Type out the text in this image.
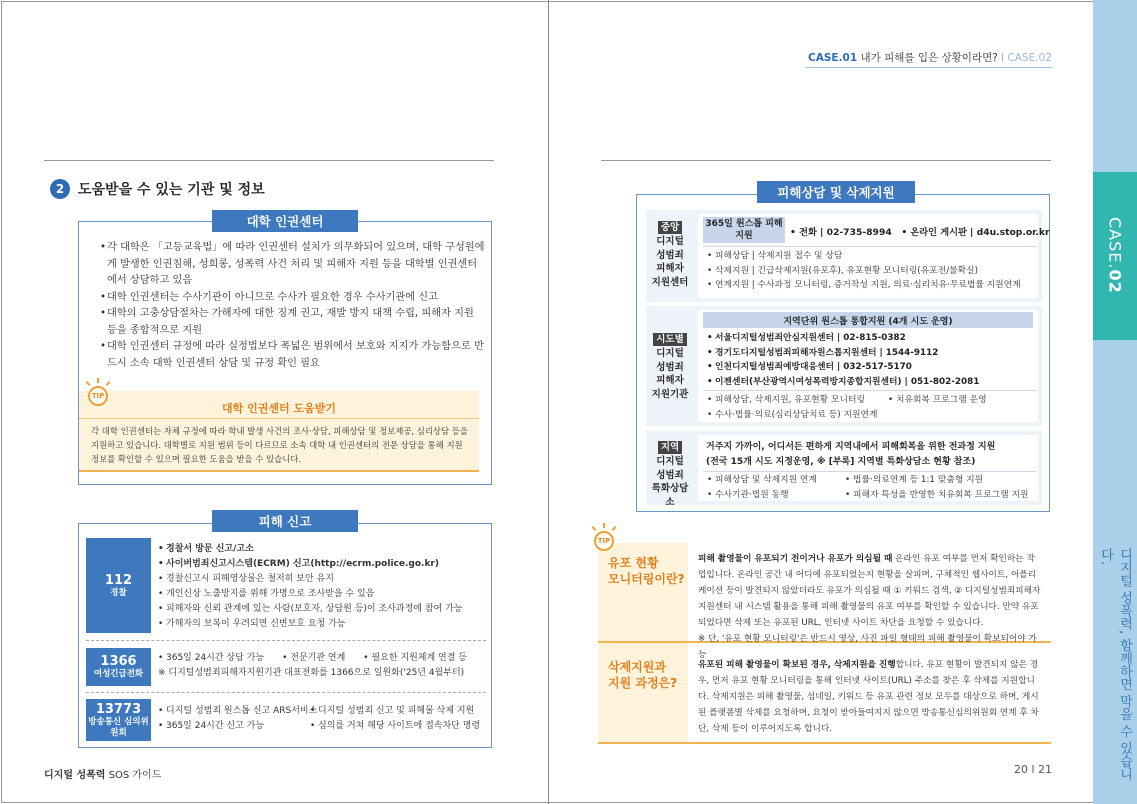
2 도움받을 수 있는 기관 및 정보
대학 인권센터
• 각 대학은 「고등교육법」에 따라 인권센터 설치가 의무화되어 있으며, 대학 구성원에게 발생한 인권침해, 성희롱, 성폭력 사건 처리 및 피해자 지원 등을 대학별 인권센터에서 상담하고 있음
• 대학 인권센터는 수사기관이 아니므로 수사가 필요한 경우 수사기관에 신고
• 대학의 고충상담절차는 가해자에 대한 징계 권고, 재발 방지 대책 수립, 피해자 지원 등을 종합적으로 지원
• 대학 인권센터 규정에 따라 실정법보다 폭넓은 범위에서 보호와 지지가 가능함으로 반드시 소속 대학 인권센터 상담 및 규정 확인 필요
대학 인권센터 도움받기
각 대학 인권센터는 자체 규정에 따라 학내 발생 사건의 조사·상담, 피해상담 및 정보제공, 심리상담 등을 지원하고 있습니다. 대학별로 지원 범위 등이 다르므로 소속 대학 내 인권센터의 전문 상담을 통해 지원 정보를 확인할 수 있으며 필요한 도움을 받을 수 있습니다.
TIP
피해 신고
112
경찰
• 경찰서 방문 신고/고소
• 사이버범죄신고시스템(ECRM) 신고(http://ecrm.police.go.kr)
• 경찰신고시 피해영상물은 철저히 보안 유지
• 개인신상 노출방지를 위해 가명으로 조사받을 수 있음
• 피해자와 신뢰 관계에 있는 사람(보호자, 상담원 등)이 조사과정에 참여 가능
• 가해자의 보복이 우려되면 신변보호 요청 가능
1366
여성긴급전화
• 365일 24시간 상담 가능 • 전문기관 연계 • 필요한 지원체계 연결 등
※ 디지털성범죄피해자지원기관 대표전화를 1366으로 일원화('25년 4월부터)
13773
방송통신 심의위원회
• 디지털 성범죄 원스톱 신고 ARS서비스
• 365일 24시간 신고 가능
• 디지털 성범죄 신고 및 피해물 삭제 지원
• 심의를 거쳐 해당 사이트에 접속차단 명령
디지털 성폭력 SOS 가이드
CASE.01 내가 피해를 입은 상황이라면? l CASE.02
피해상담 및 삭제지원
중앙
디지털
성범죄
피해자
지원센터
365일 원스톱 피해지원	• 전화 | 02-735-8994 • 온라인 게시판 | d4u.stop.or.kr
• 피해상담 | 삭제지원 접수 및 상담
• 삭제지원 | 긴급삭제지원(유포후), 유포현황 모니터링(유포전/불확실)
• 연계지원 | 수사과정 모니터링, 증거작성 지원, 의료·심리치유·무료법률 지원연계
시도별
디지털
성범죄
피해자
지원기관
지역단위 원스톱 통합지원 (4개 시도 운영)
• 서울디지털성범죄안심지원센터 | 02-815-0382
• 경기도디지털성범죄피해자원스톱지원센터 | 1544-9112
• 인천디지털성범죄예방대응센터 | 032-517-5170
• 이젠센터(부산광역시여성폭력방지종합지원센터) | 051-802-2081
• 피해상담, 삭제지원, 유포현황 모니터링
• 수사·법률·의료(심리상담치료 등) 지원연계
• 치유회복 프로그램 운영
지역
디지털
성범죄
특화상담소
거주지 가까이, 어디서든 편하게 지역내에서 피해회복을 위한 전과정 지원
(전국 15개 시도 지정운영, ※ [부록] 지역별 특화상담소 현황 참조)
• 피해상담 및 삭제지원 연계
• 수사기관·법원 동행
• 법률·의료연계 등 1:1 맞춤형 지원
• 피해자 특성을 반영한 치유회복 프로그램 지원
유포 현황
모니터링이란?
피해 촬영물이 유포되기 전이거나 유포가 의심될 때 온라인 유포 여부를 먼저 확인하는 작업입니다. 온라인 공간 내 어디에 유포되었는지 현황을 살피며, 구체적인 웹사이트, 어플리케이션 등이 발견되지 않았더라도 유포가 의심될 때 ① 키워드 검색, ② 디지털성범죄피해자지원센터 내 시스템 활용을 통해 피해 촬영물의 유포 여부를 확인할 수 있습니다. 만약 유포되었다면 삭제 또는 유포된 URL, 인터넷 사이트 차단을 요청할 수 있습니다.
※ 단, '유포 현황 모니터링'은 반드시 영상, 사진 파일 형태의 피해 촬영물이 확보되어야 가능
삭제지원과
지원 과정은?
유포된 피해 촬영물이 확보된 경우, 삭제지원을 진행합니다. 유포 현황이 발견되지 않은 경우, 먼저 유포 현황 모니터링을 통해 인터넷 사이트(URL) 주소를 찾은 후 삭제를 지원합니다. 삭제지원은 피해 촬영물, 섬네일, 키워드 등 유포 관련 정보 모두를 대상으로 하며, 게시된 플랫폼별 삭제를 요청하며, 요청이 받아들여지지 않으면 방송통신심의위원회 연계 후 차단, 삭제 등이 이루어지도록 합니다.
TIP
CASE.02
디지털 성폭력, 함께하면 막을 수 있습니다.
20 l 21
